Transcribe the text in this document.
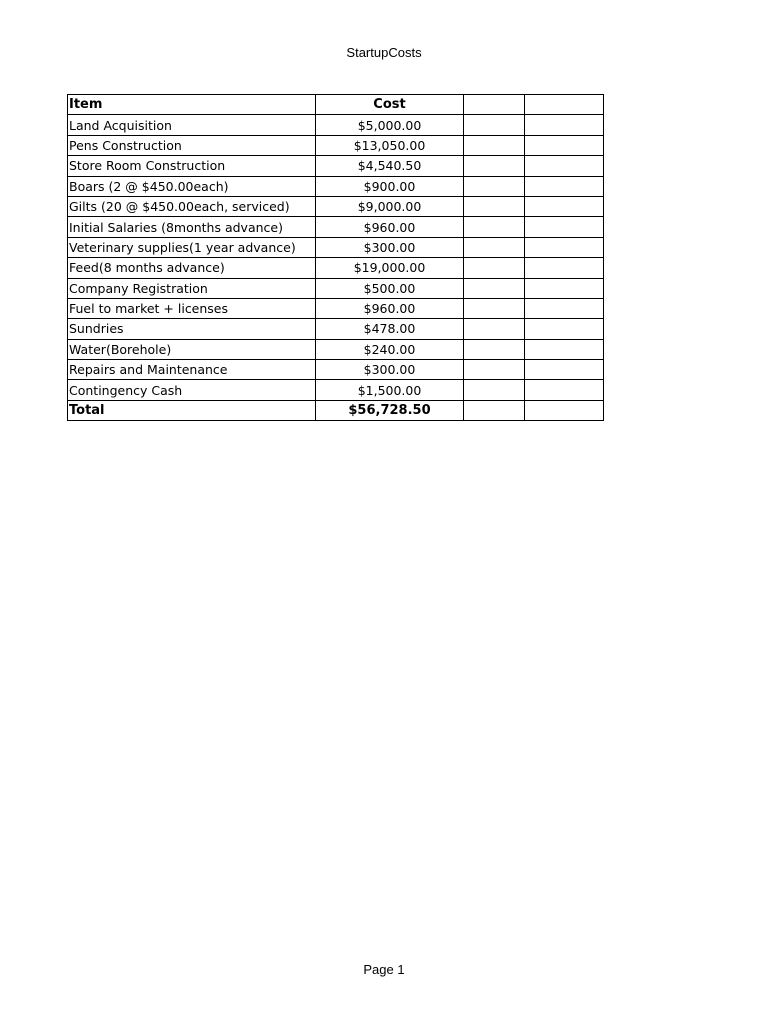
StartupCosts
Item	Cost		
Land Acquisition	$5,000.00		
Pens Construction	$13,050.00		
Store Room Construction	$4,540.50		
Boars (2 @ $450.00each)	$900.00		
Gilts (20 @ $450.00each, serviced)	$9,000.00		
Initial Salaries (8months advance)	$960.00		
Veterinary supplies(1 year advance)	$300.00		
Feed(8 months advance)	$19,000.00		
Company Registration	$500.00		
Fuel to market + licenses	$960.00		
Sundries	$478.00		
Water(Borehole)	$240.00		
Repairs and Maintenance	$300.00		
Contingency Cash	$1,500.00		
Total	$56,728.50		
Page 1
